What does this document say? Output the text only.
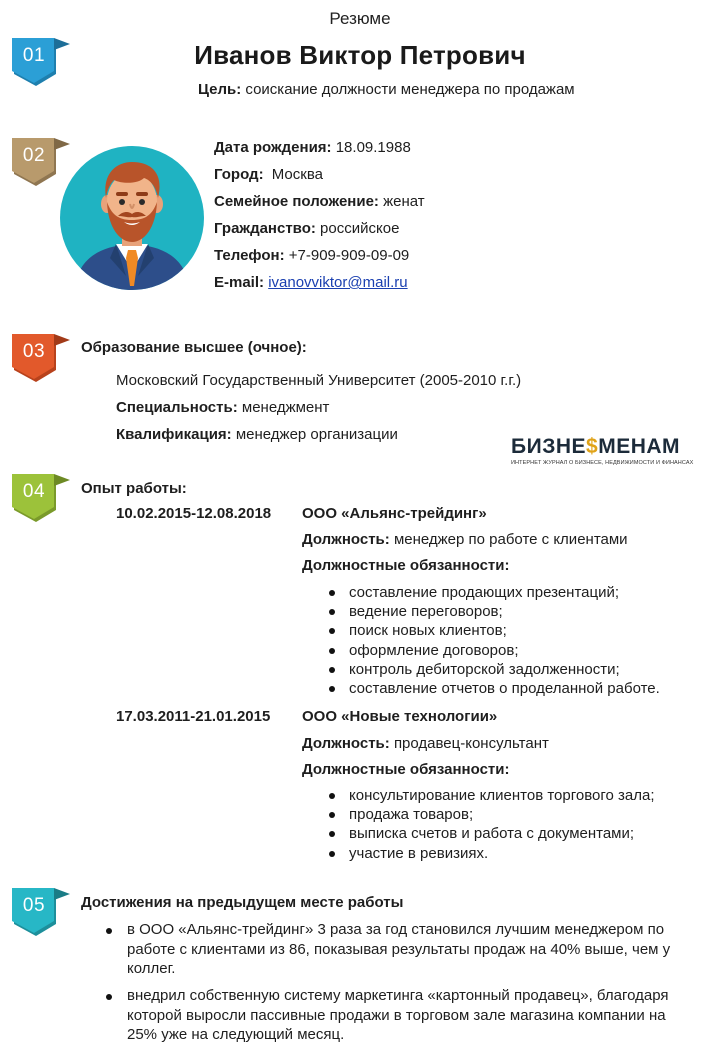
Резюме
Иванов Виктор Петрович
Цель: соискание должности менеджера по продажам
01
02
03
04
05
Дата рождения: 18.09.1988
Город: Москва
Семейное положение: женат
Гражданство: российское
Телефон: +7-909-909-09-09
E-mail: ivanovviktor@mail.ru
Образование высшее (очное):
Московский Государственный Университет (2005-2010 г.г.)
Специальность: менеджмент
Квалификация: менеджер организации
БИЗНЕ$МЕНАМ
ИНТЕРНЕТ ЖУРНАЛ О БИЗНЕСЕ, НЕДВИЖИМОСТИ И ФИНАНСАХ
Опыт работы:
10.02.2015-12.08.2018 ООО «Альянс-трейдинг»
Должность: менеджер по работе с клиентами
Должностные обязанности:
составление продающих презентаций;
ведение переговоров;
поиск новых клиентов;
оформление договоров;
контроль дебиторской задолженности;
составление отчетов о проделанной работе.
17.03.2011-21.01.2015 ООО «Новые технологии»
Должность: продавец-консультант
Должностные обязанности:
консультирование клиентов торгового зала;
продажа товаров;
выписка счетов и работа с документами;
участие в ревизиях.
Достижения на предыдущем месте работы
в ООО «Альянс-трейдинг» 3 раза за год становился лучшим менеджером по работе с клиентами из 86, показывая результаты продаж на 40% выше, чем у коллег.
внедрил собственную систему маркетинга «картонный продавец», благодаря которой выросли пассивные продажи в торговом зале магазина компании на 25% уже на следующий месяц.
